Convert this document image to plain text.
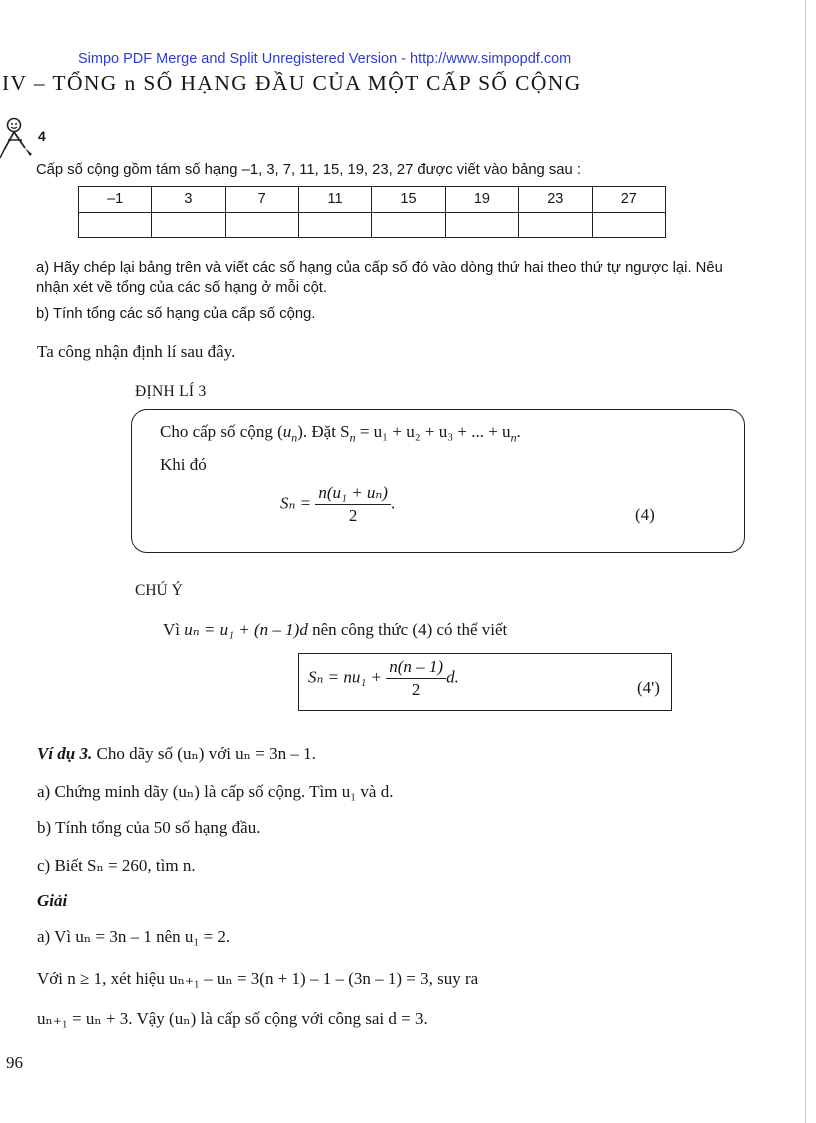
Simpo PDF Merge and Split Unregistered Version - http://www.simpopdf.com
IV – TỔNG n SỐ HẠNG ĐẦU CỦA MỘT CẤP SỐ CỘNG
4
Cấp số cộng gồm tám số hạng –1, 3, 7, 11, 15, 19, 23, 27 được viết vào bảng sau :
–1	3	7	11	15	19	23	27

a) Hãy chép lại bảng trên và viết các số hạng của cấp số đó vào dòng thứ hai theo thứ tự ngược lại. Nêu nhận xét về tổng của các số hạng ở mỗi cột.
b) Tính tổng các số hạng của cấp số cộng.
Ta công nhận định lí sau đây.
ĐỊNH LÍ 3
Cho cấp số cộng $(u_n)$. Đặt $S_n = u_1 + u_2 + u_3$ + ... + $u_n$.
Khi đó
$S_n = \frac{\text{n(u₁ + uₙ)}}{2}$ .
(4)
CHÚ Ý
Vì uₙ = u₁ + (n – 1)d nên công thức (4) có thể viết
$S_n = nu_1 + \frac{n(n - 1)}{2} d$.
(4')
Ví dụ 3. Cho dãy số (uₙ) với uₙ = 3n – 1.
a) Chứng minh dãy (uₙ) là cấp số cộng. Tìm u₁ và d.
b) Tính tổng của 50 số hạng đầu.
c) Biết Sₙ = 260, tìm n.
Giải
a) Vì uₙ = 3n – 1 nên u₁ = 2.
Với n ≥ 1, xét hiệu uₙ₊₁ – uₙ = 3(n + 1) – 1 – (3n – 1) = 3, suy ra
uₙ₊₁ = uₙ + 3. Vậy (uₙ) là cấp số cộng với công sai d = 3.
96
